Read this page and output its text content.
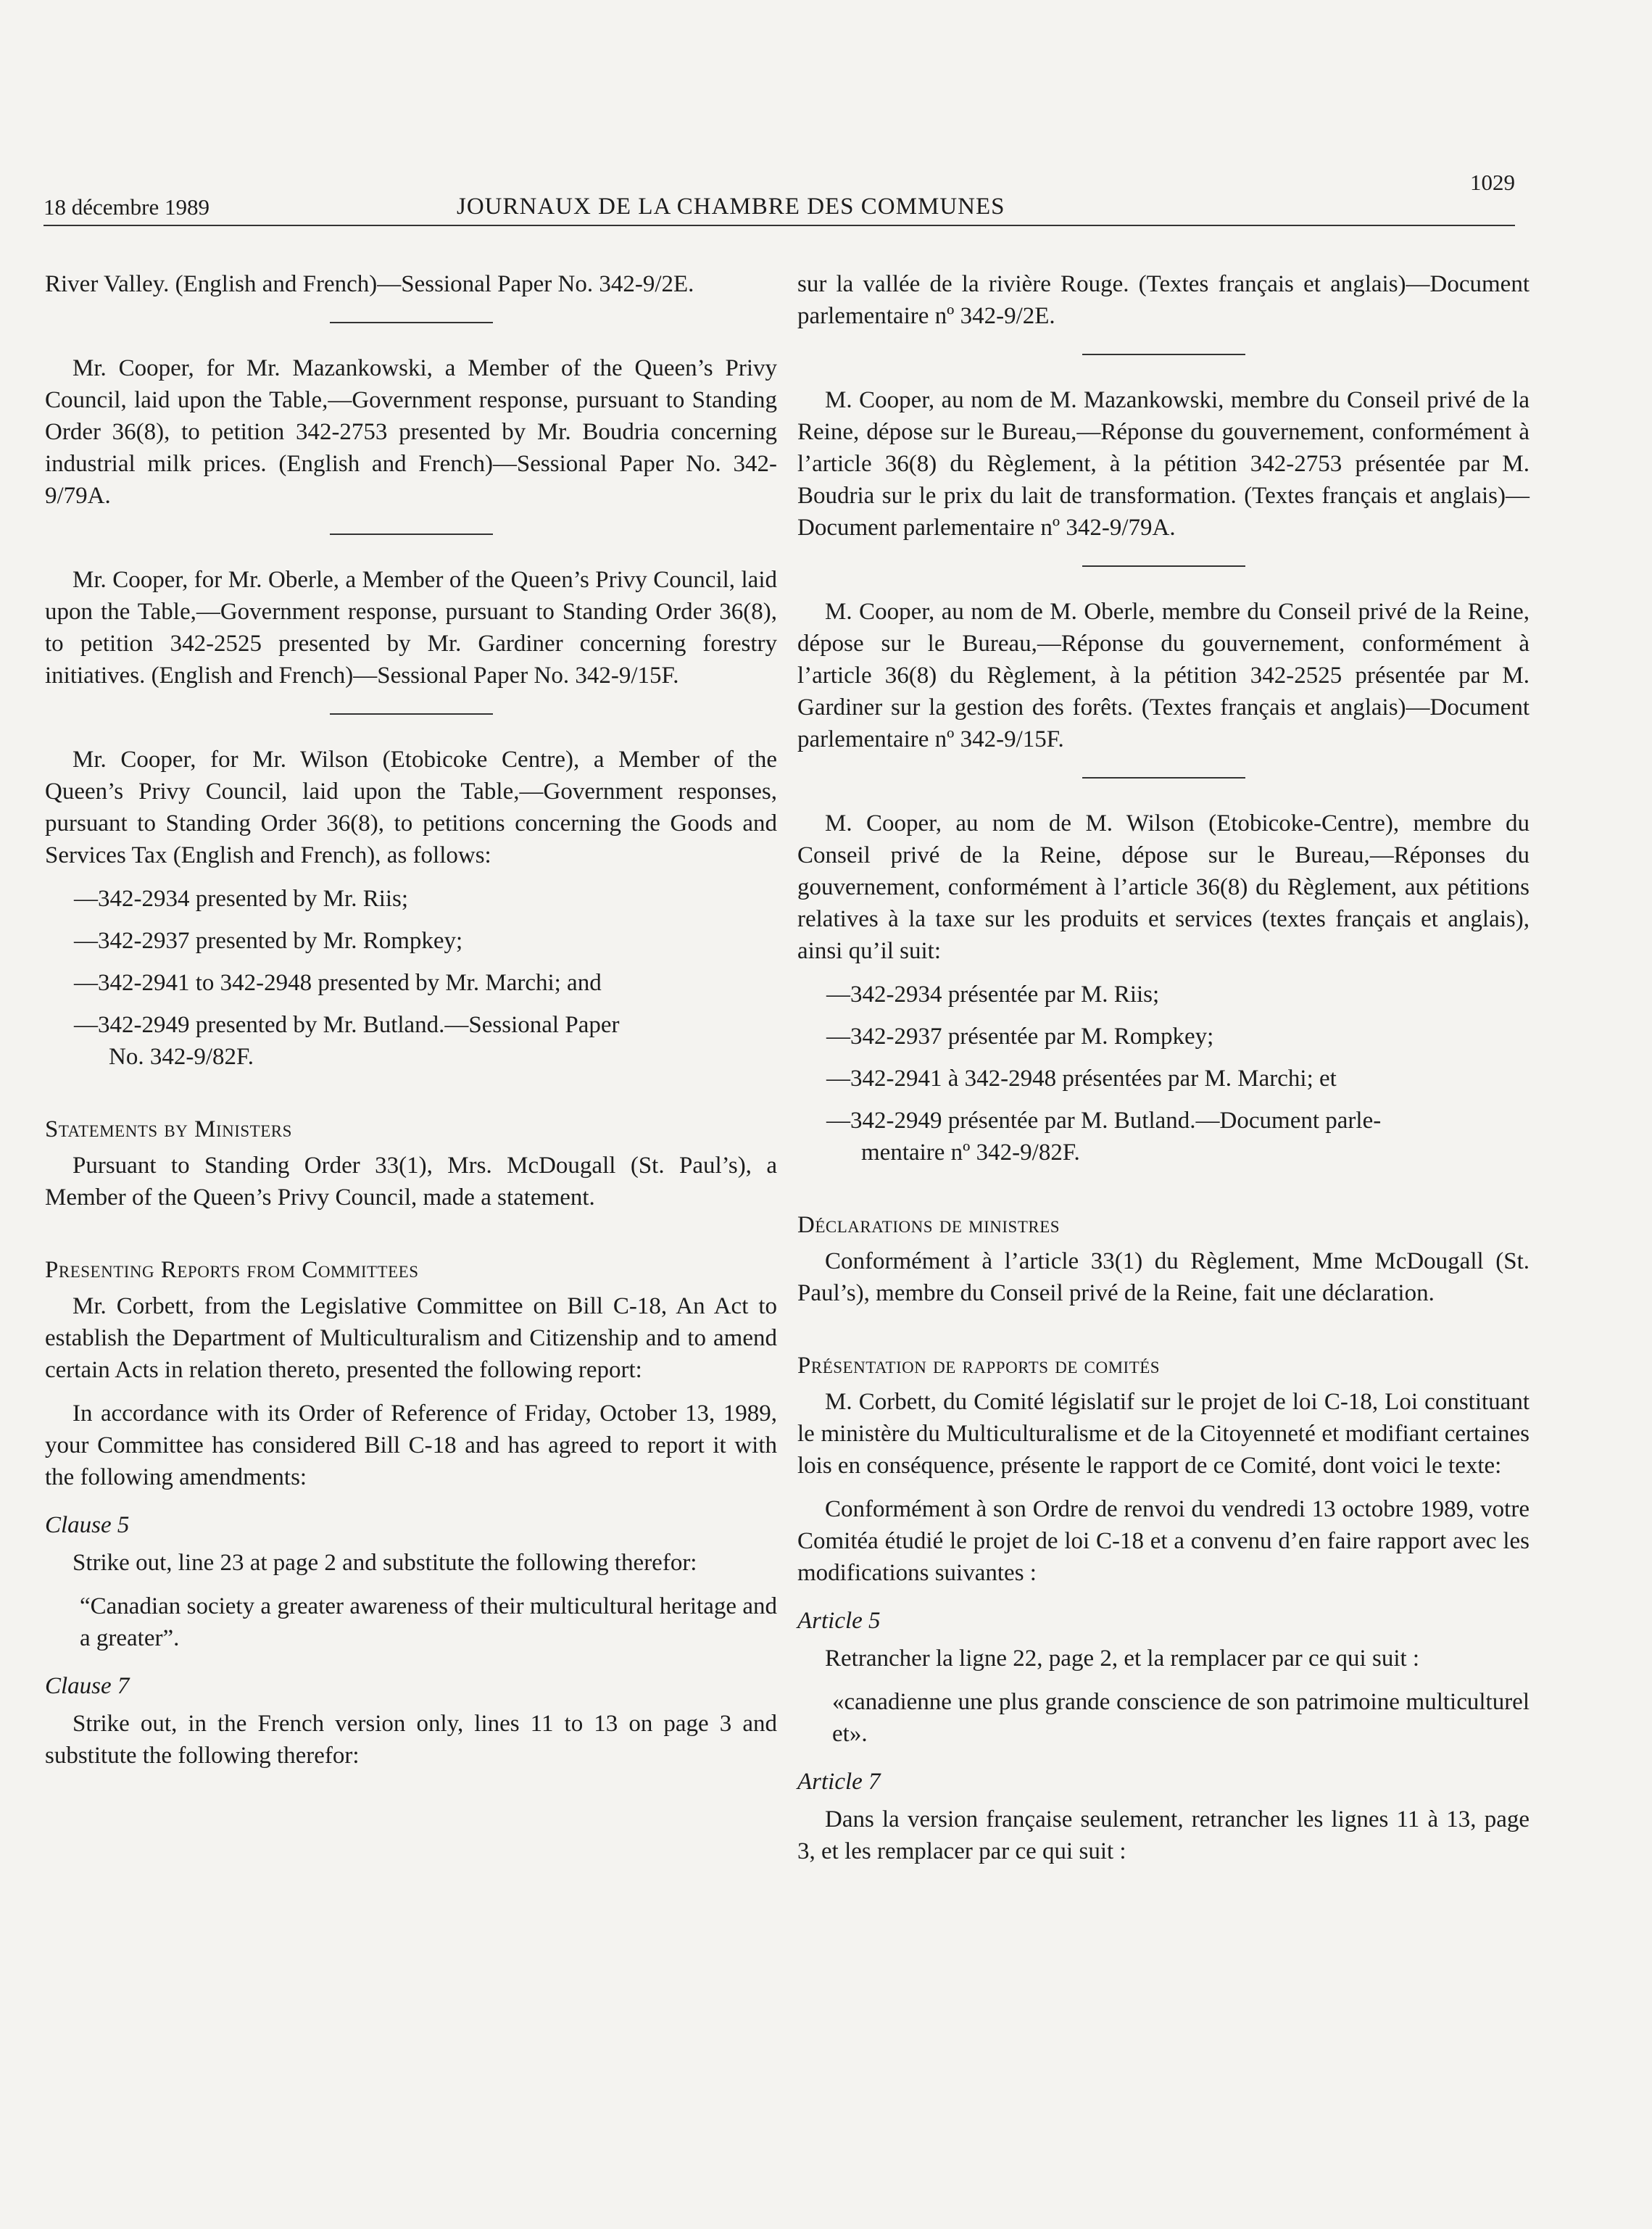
18 décembre 1989	JOURNAUX DE LA CHAMBRE DES COMMUNES
1029

River Valley. (English and French)—Sessional Paper No. 342-9/2E.

Mr. Cooper, for Mr. Mazankowski, a Member of the Queen’s Privy Council, laid upon the Table,—Government response, pursuant to Standing Order 36(8), to petition 342-2753 presented by Mr. Boudria concerning industrial milk prices. (English and French)—Sessional Paper No. 342-9/79A.

Mr. Cooper, for Mr. Oberle, a Member of the Queen’s Privy Council, laid upon the Table,—Government response, pursuant to Standing Order 36(8), to petition 342-2525 presented by Mr. Gardiner concerning forestry initiatives. (English and French)—Sessional Paper No. 342-9/15F.

Mr. Cooper, for Mr. Wilson (Etobicoke Centre), a Member of the Queen’s Privy Council, laid upon the Table,—Government responses, pursuant to Standing Order 36(8), to petitions concerning the Goods and Services Tax (English and French), as follows:

—342-2934 presented by Mr. Riis;

—342-2937 presented by Mr. Rompkey;

—342-2941 to 342-2948 presented by Mr. Marchi; and

—342-2949 presented by Mr. Butland.—Sessional Paper

No. 342-9/82F.

Statements by Ministers

Pursuant to Standing Order 33(1), Mrs. McDougall (St. Paul’s), a Member of the Queen’s Privy Council, made a statement.

Presenting Reports from Committees

Mr. Corbett, from the Legislative Committee on Bill C-18, An Act to establish the Department of Multiculturalism and Citizenship and to amend certain Acts in relation thereto, presented the following report:

In accordance with its Order of Reference of Friday, October 13, 1989, your Committee has considered Bill C-18 and has agreed to report it with the following amendments:

Clause 5

Strike out, line 23 at page 2 and substitute the following therefor:

“Canadian society a greater awareness of their multicultural heritage and a greater”.

Clause 7

Strike out, in the French version only, lines 11 to 13 on page 3 and substitute the following therefor:

sur la vallée de la rivière Rouge. (Textes français et anglais)—Document parlementaire nº 342-9/2E.

M. Cooper, au nom de M. Mazankowski, membre du Conseil privé de la Reine, dépose sur le Bureau,—Réponse du gouvernement, conformément à l’article 36(8) du Règlement, à la pétition 342-2753 présentée par M. Boudria sur le prix du lait de transformation. (Textes français et anglais)—Document parlementaire nº 342-9/79A.

M. Cooper, au nom de M. Oberle, membre du Conseil privé de la Reine, dépose sur le Bureau,—Réponse du gouvernement, conformément à l’article 36(8) du Règlement, à la pétition 342-2525 présentée par M. Gardiner sur la gestion des forêts. (Textes français et anglais)—Document parlementaire nº 342-9/15F.

M. Cooper, au nom de M. Wilson (Etobicoke-Centre), membre du Conseil privé de la Reine, dépose sur le Bureau,—Réponses du gouvernement, conformément à l’article 36(8) du Règlement, aux pétitions relatives à la taxe sur les produits et services (textes français et anglais), ainsi qu’il suit:

—342-2934 présentée par M. Riis;

—342-2937 présentée par M. Rompkey;

—342-2941 à 342-2948 présentées par M. Marchi; et

—342-2949 présentée par M. Butland.—Document parle-

mentaire nº 342-9/82F.

Déclarations de ministres

Conformément à l’article 33(1) du Règlement, Mme McDougall (St. Paul’s), membre du Conseil privé de la Reine, fait une déclaration.

Présentation de rapports de comités

M. Corbett, du Comité législatif sur le projet de loi C-18, Loi constituant le ministère du Multiculturalisme et de la Citoyenneté et modifiant certaines lois en conséquence, présente le rapport de ce Comité, dont voici le texte:

Conformément à son Ordre de renvoi du vendredi 13 octobre 1989, votre Comitéa étudié le projet de loi C-18 et a convenu d’en faire rapport avec les modifications suivantes :

Article 5

Retrancher la ligne 22, page 2, et la remplacer par ce qui suit :

«canadienne une plus grande conscience de son patrimoine multiculturel et».

Article 7

Dans la version française seulement, retrancher les lignes 11 à 13, page 3, et les remplacer par ce qui suit :
